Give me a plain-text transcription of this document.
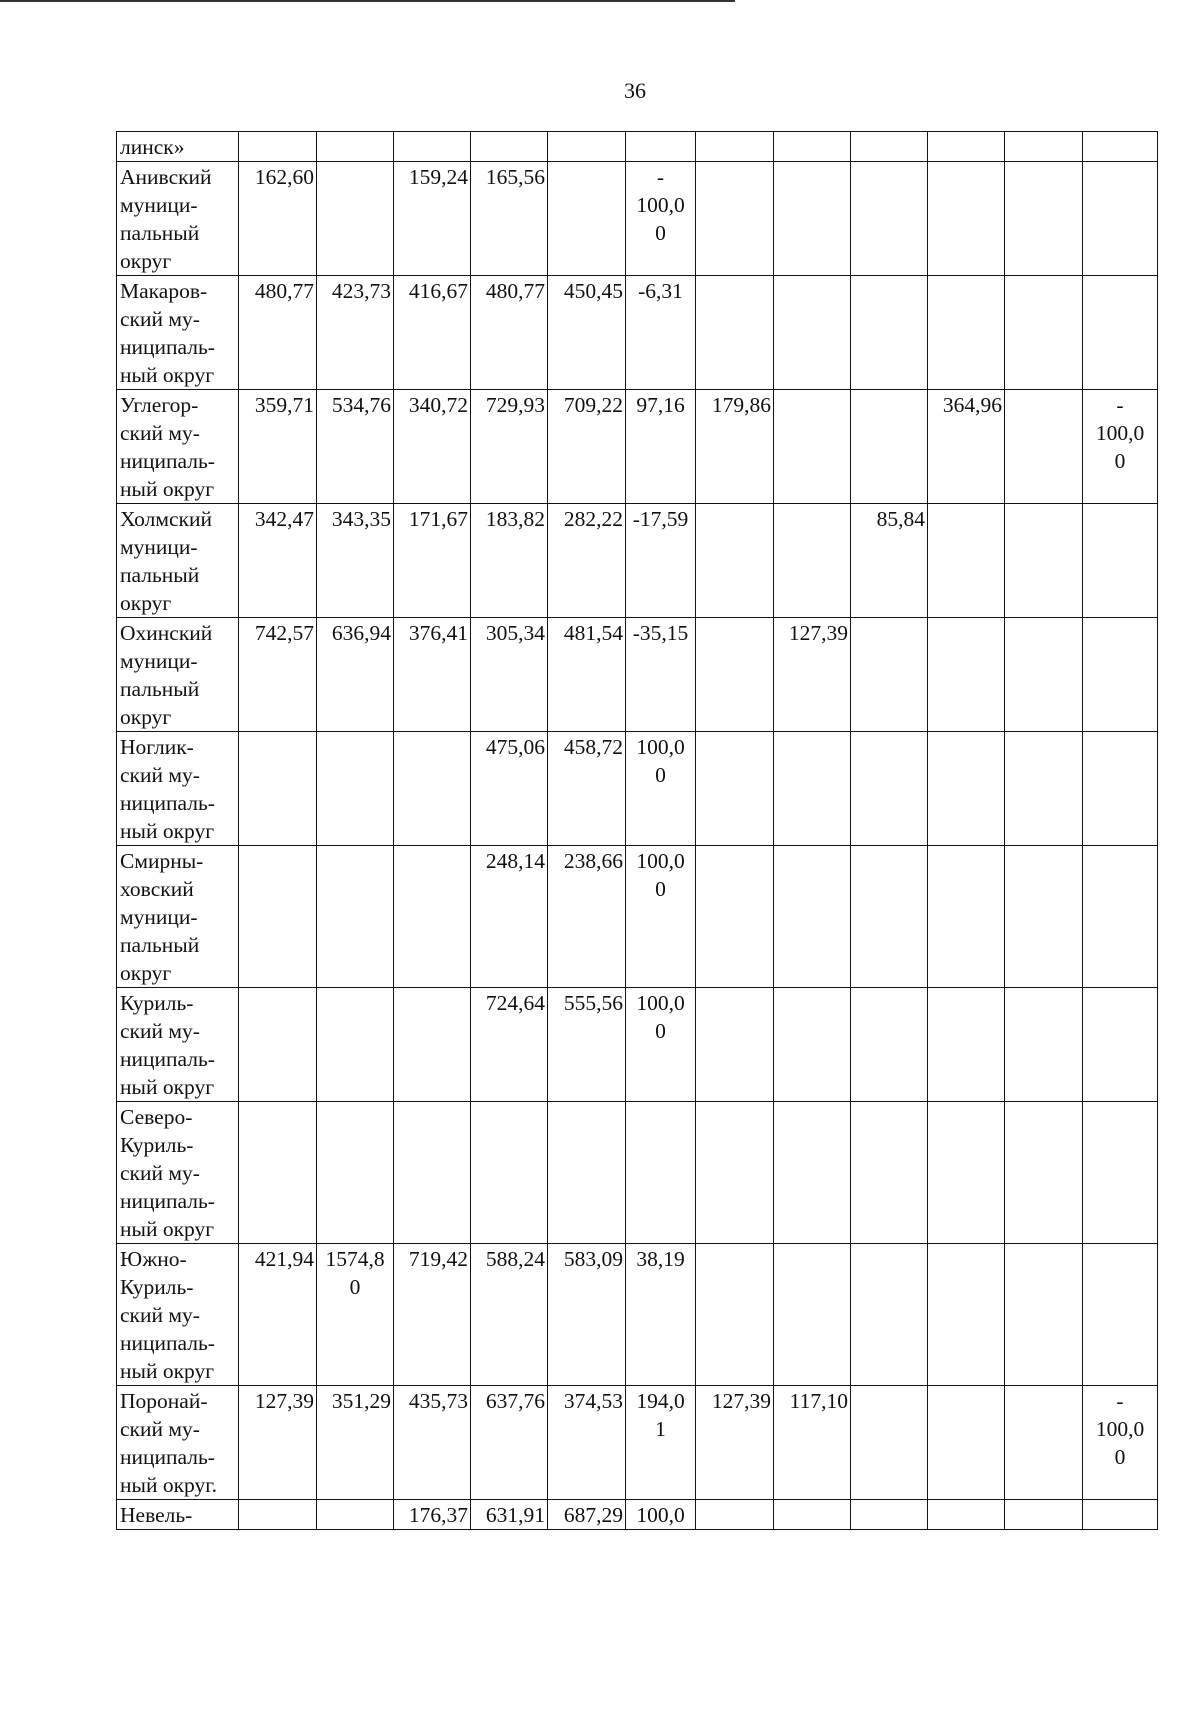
36
линск»												
Анивский муници-пальный округ	162,60		159,24	165,56		-
100,0
0						
Макаров-ский му-ниципаль-ный округ	480,77	423,73	416,67	480,77	450,45	-6,31						
Углегор-ский му-ниципаль-ный округ	359,71	534,76	340,72	729,93	709,22	97,16	179,86			364,96		-
100,0
0
Холмский муници-пальный округ	342,47	343,35	171,67	183,82	282,22	-17,59			85,84			
Охинский муници-пальный округ	742,57	636,94	376,41	305,34	481,54	-35,15		127,39				
Ноглик-ский му-ниципаль-ный округ				475,06	458,72	100,0
0						
Смирны-ховский муници-пальный округ				248,14	238,66	100,0
0						
Куриль-ский му-ниципаль-ный округ				724,64	555,56	100,0
0						
Северо-Куриль-ский му-ниципаль-ный округ												
Южно-Куриль-ский му-ниципаль-ный округ	421,94	1574,8
0	719,42	588,24	583,09	38,19						
Поронай-ский му-ниципаль-ный округ.	127,39	351,29	435,73	637,76	374,53	194,0
1	127,39	117,10				-
100,0
0
Невель-			176,37	631,91	687,29	100,0						
